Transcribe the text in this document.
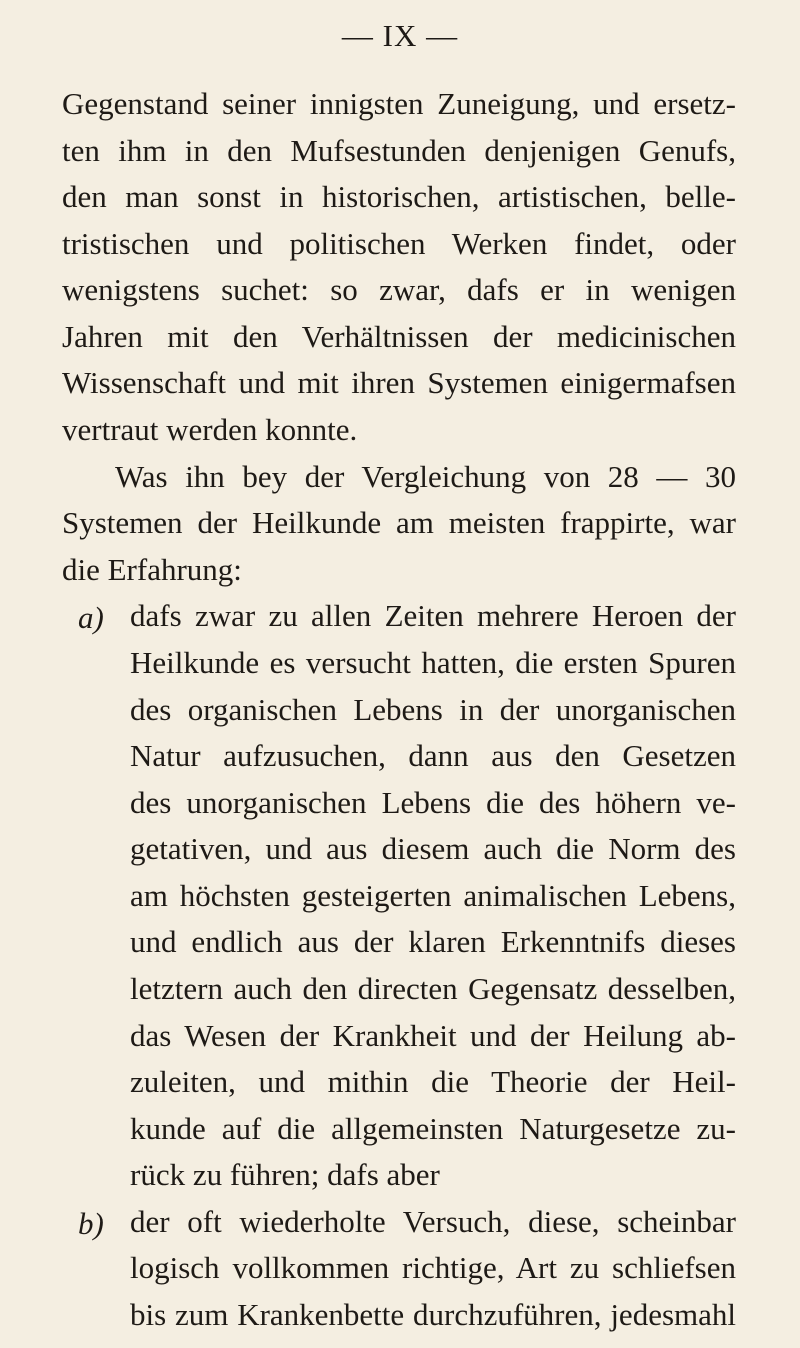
— IX —
Gegenstand seiner innigsten Zuneigung, und ersetz-
ten ihm in den Mufsestunden denjenigen Genufs,
den man sonst in historischen, artistischen, belle-
tristischen und politischen Werken findet, oder
wenigstens suchet: so zwar, dafs er in wenigen
Jahren mit den Verhältnissen der medicinischen
Wissenschaft und mit ihren Systemen einigermafsen
vertraut werden konnte.
Was ihn bey der Vergleichung von 28 — 30
Systemen der Heilkunde am meisten frappirte, war
die Erfahrung:
a) dafs zwar zu allen Zeiten mehrere Heroen der
Heilkunde es versucht hatten, die ersten Spuren
des organischen Lebens in der unorganischen
Natur aufzusuchen, dann aus den Gesetzen
des unorganischen Lebens die des höhern ve-
getativen, und aus diesem auch die Norm des
am höchsten gesteigerten animalischen Lebens,
und endlich aus der klaren Erkenntnifs dieses
letztern auch den directen Gegensatz desselben,
das Wesen der Krankheit und der Heilung ab-
zuleiten, und mithin die Theorie der Heil-
kunde auf die allgemeinsten Naturgesetze zu-
rück zu führen; dafs aber
b) der oft wiederholte Versuch, diese, scheinbar
logisch vollkommen richtige, Art zu schliefsen
bis zum Krankenbette durchzuführen, jedesmahl
